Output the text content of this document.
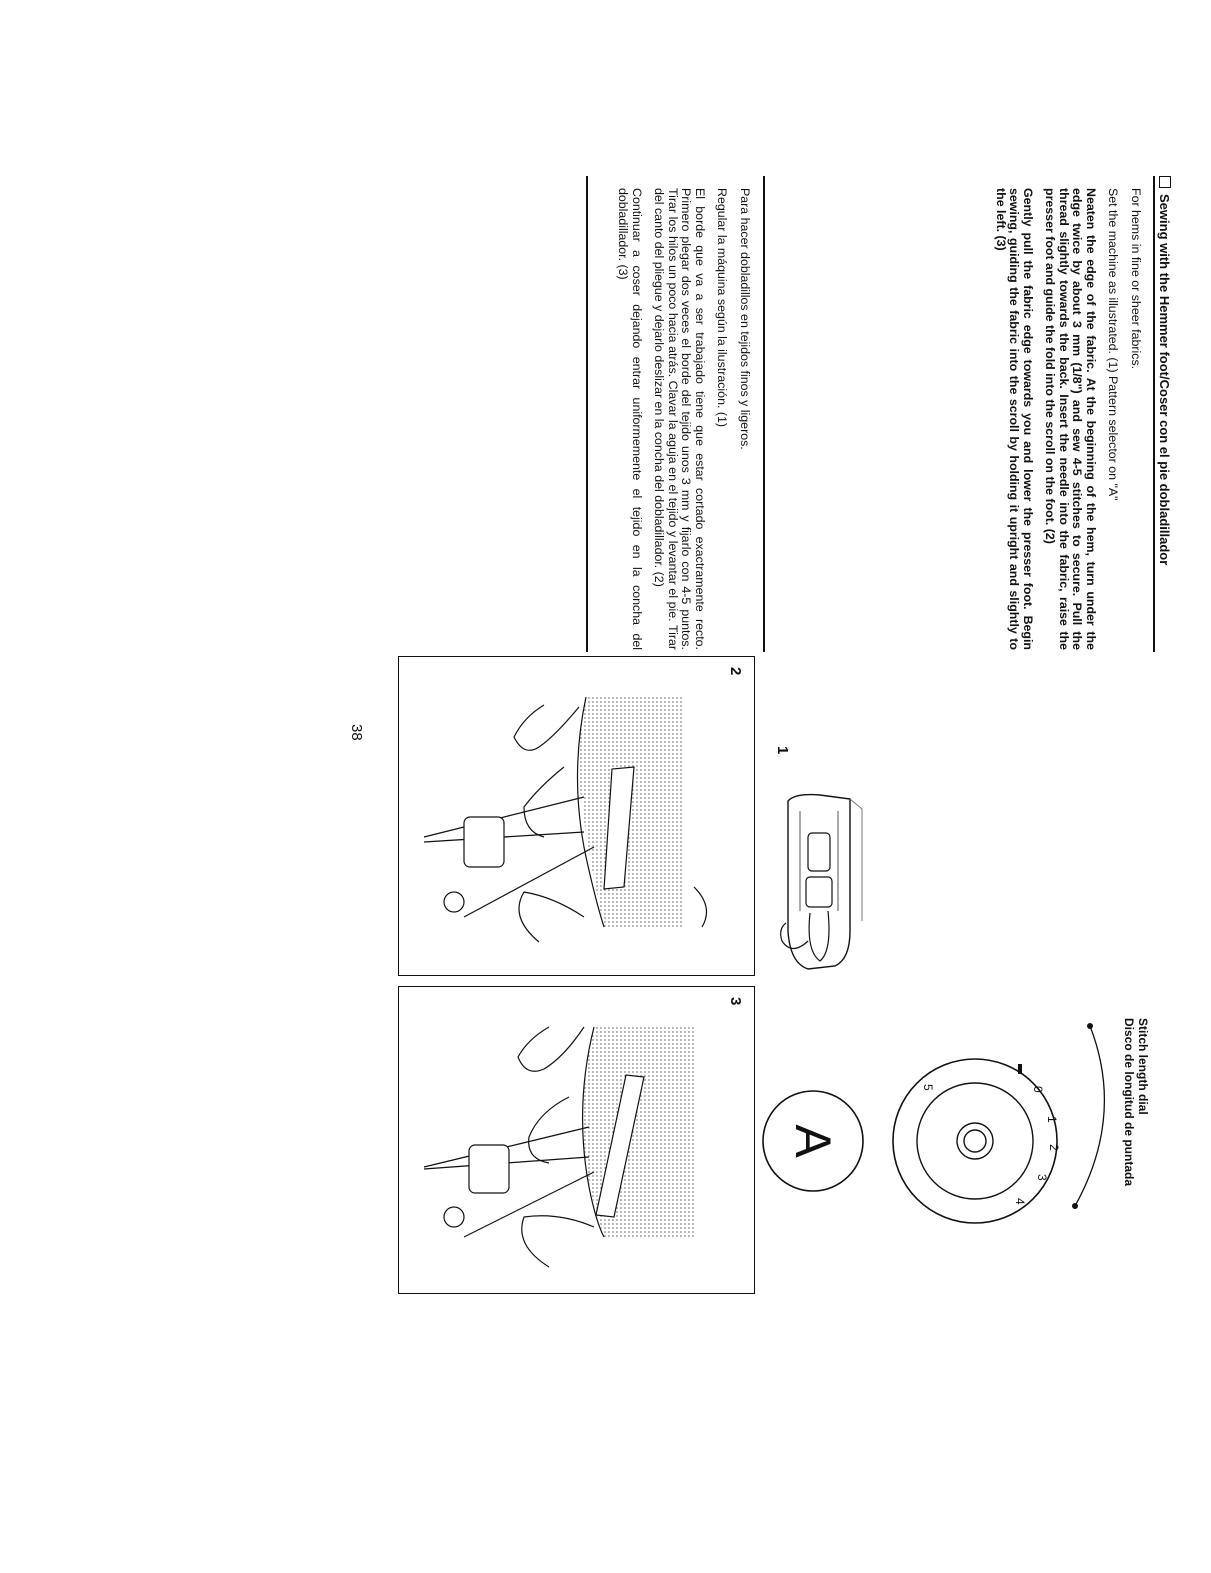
Sewing with the Hemmer foot/Coser con el pie dobladillador

For hems in fine or sheer fabrics.

Set the machine as illustrated. (1) Pattern selector on "A"

Neaten the edge of the fabric. At the beginning of the hem, turn under the edge twice by about 3 mm (1/8") and sew 4-5 stitches to secure. Pull the thread slightly towards the back. Insert the needle into the fabric, raise the presser foot and guide the fold into the scroll on the foot. (2)

Gently pull the fabric edge towards you and lower the presser foot. Begin sewing, guiding the fabric into the scroll by holding it upright and slightly to the left. (3)

Para hacer dobladillos en tejidos finos y ligeros.

Regular la máquina según la ilustración. (1)

El borde que va a ser trabajado tiene que estar cortado exactramente recto. Primero plegar dos veces el borde del tejido unos 3 mm y fijarlo con 4-5 puntos. Tirar los hilos un poco hacia atrás. Clavar la aguja en el tejido y levantar el pie. Tirar del canto del pliegue y dejarlo deslizar en la concha del dobladillador. (2)

Continuar a coser dejando entrar uniformemente el tejido en la concha del dobladillador. (3)

1
Stitch length dial
Disco de longitud de puntada
0
1
2
3
4
5
A
2
3
38
